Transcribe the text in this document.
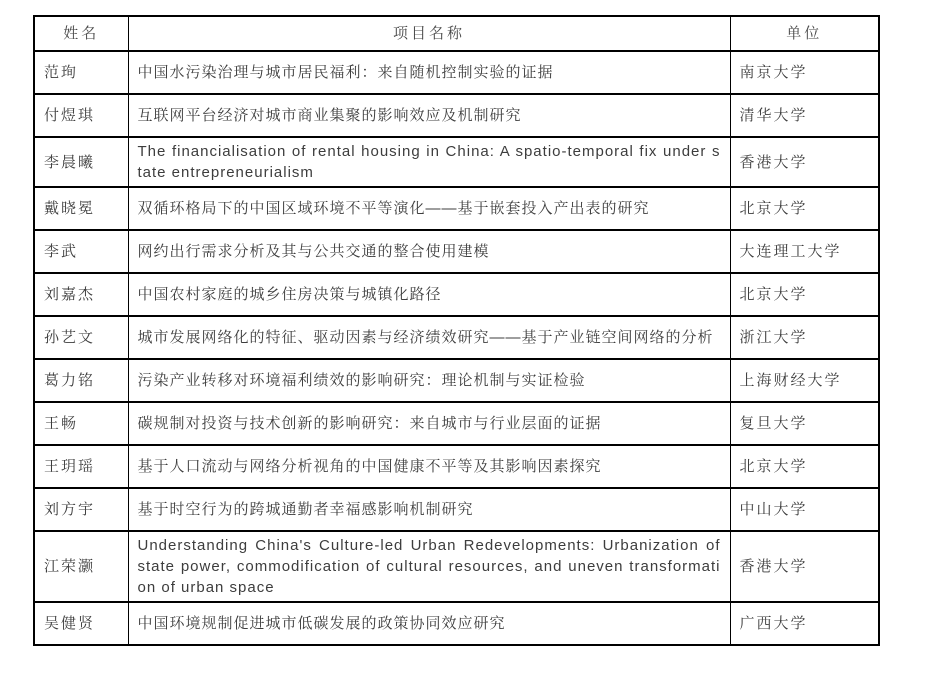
姓名	项目名称	单位
范珣	中国水污染治理与城市居民福利：来自随机控制实验的证据	南京大学
付煜琪	互联网平台经济对城市商业集聚的影响效应及机制研究	清华大学
李晨曦	The financialisation of rental housing in China: A spatio-temporal fix under state entrepreneurialism	香港大学
戴晓冕	双循环格局下的中国区域环境不平等演化——基于嵌套投入产出表的研究	北京大学
李武	网约出行需求分析及其与公共交通的整合使用建模	大连理工大学
刘嘉杰	中国农村家庭的城乡住房决策与城镇化路径	北京大学
孙艺文	城市发展网络化的特征、驱动因素与经济绩效研究——基于产业链空间网络的分析	浙江大学
葛力铭	污染产业转移对环境福利绩效的影响研究：理论机制与实证检验	上海财经大学
王畅	碳规制对投资与技术创新的影响研究：来自城市与行业层面的证据	复旦大学
王玥瑶	基于人口流动与网络分析视角的中国健康不平等及其影响因素探究	北京大学
刘方宇	基于时空行为的跨城通勤者幸福感影响机制研究	中山大学
江荣灏	Understanding China's Culture-led Urban Redevelopments: Urbanization of state power, commodification of cultural resources, and uneven transformation of urban space	香港大学
吴健贤	中国环境规制促进城市低碳发展的政策协同效应研究	广西大学
